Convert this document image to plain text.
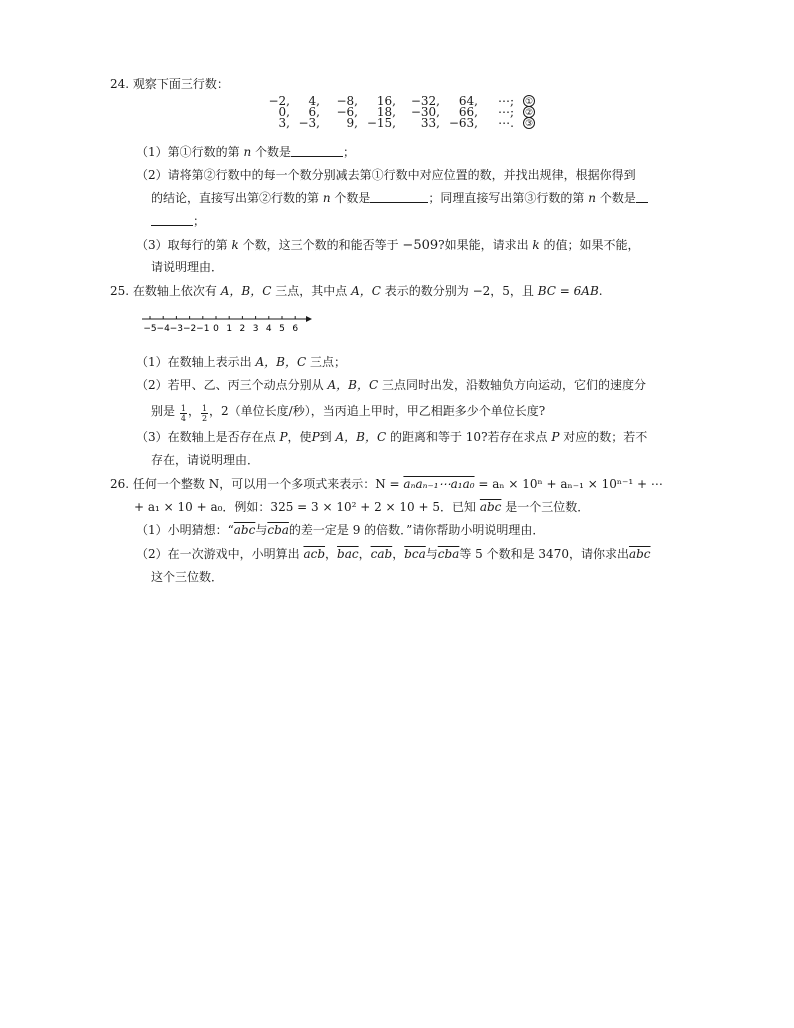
24. 观察下面三行数：
−2,	4,	−8,	16,	−32,	64,	⋯; ①
0,	6,	−6,	18,	−30,	66,	⋯; ②
3, −3,	9, −15,	33, −63,	⋯. ③
（1）第①行数的第 n 个数是	；
（2）请将第②行数中的每一个数分别减去第①行数中对应位置的数，并找出规律，根据你得到
的结论，直接写出第②行数的第 n 个数是	；同理直接写出第③行数的第 n 个数是
；
（3）取每行的第 k 个数，这三个数的和能否等于 −509?如果能，请求出 k 的值；如果不能，
请说明理由．
25. 在数轴上依次有 A，B，C 三点，其中点 A，C 表示的数分别为 −2，5，且 BC = 6AB.
−5 −4 −3 −2 −1 0 1 2 3 4 5 6
（1）在数轴上表示出 A，B，C 三点；
（2）若甲、乙、丙三个动点分别从 A，B，C 三点同时出发，沿数轴负方向运动，它们的速度分
别是 $\frac{1}{4}$ ， $\frac{1}{2}$ ，2（单位长度/秒），当丙追上甲时，甲乙相距多少个单位长度?
（3）在数轴上是否存在点 P，使P到 A，B，C 的距离和等于 10?若存在求点 P 对应的数；若不
存在，请说明理由．
26. 任何一个整数 N，可以用一个多项式来表示：N = aₙaₙ₋₁⋯a₁a₀ = aₙ × 10ⁿ + aₙ₋₁ × 10ⁿ⁻¹ + ⋯
+ a₁ × 10 + a₀．例如：325 = 3 × 10² + 2 × 10 + 5．已知 $\overline{abc}$ 是一个三位数．
（1）小明猜想：“$\overline{abc}$与$\overline{cba}$的差一定是 9 的倍数．”请你帮助小明说明理由．
（2）在一次游戏中，小明算出 $\overline{acb}$，$\overline{bac}$，$\overline{cab}$，$\overline{bca}$与$\overline{cba}$等 5 个数和是 3470，请你求出$\overline{abc}$
这个三位数．
